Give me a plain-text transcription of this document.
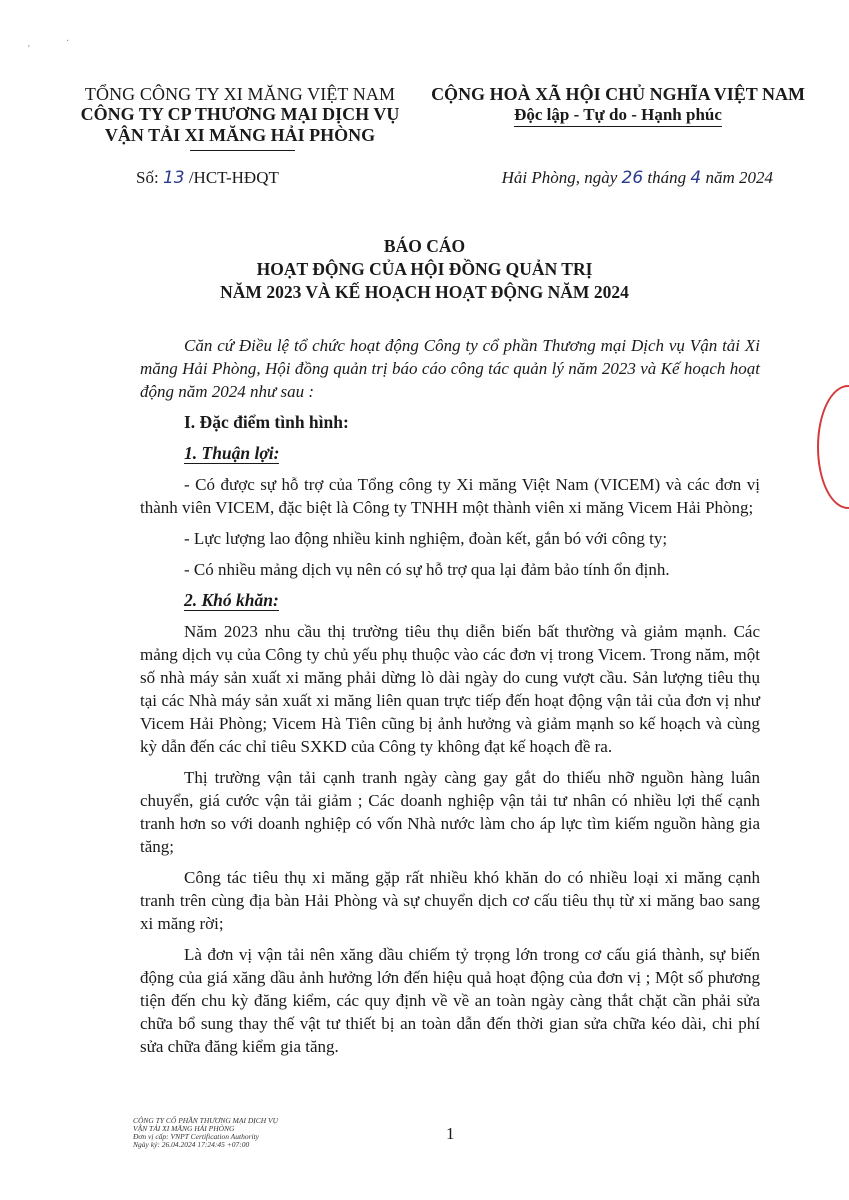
'
·
TỔNG CÔNG TY XI MĂNG VIỆT NAM
CÔNG TY CP THƯƠNG MẠI DỊCH VỤ
VẬN TẢI XI MĂNG HẢI PHÒNG
CỘNG HOÀ XÃ HỘI CHỦ NGHĨA VIỆT NAM
Độc lập - Tự do - Hạnh phúc
Số: 13 /HCT-HĐQT	Hải Phòng, ngày 26 tháng 4 năm 2024
BÁO CÁO
HOẠT ĐỘNG CỦA HỘI ĐỒNG QUẢN TRỊ
NĂM 2023 VÀ KẾ HOẠCH HOẠT ĐỘNG NĂM 2024

Căn cứ Điều lệ tổ chức hoạt động Công ty cổ phần Thương mại Dịch vụ Vận tải Xi măng Hải Phòng, Hội đồng quản trị báo cáo công tác quản lý năm 2023 và Kế hoạch hoạt động năm 2024 như sau :

I. Đặc điểm tình hình:

1. Thuận lợi:

- Có được sự hỗ trợ của Tổng công ty Xi măng Việt Nam (VICEM) và các đơn vị thành viên VICEM, đặc biệt là Công ty TNHH một thành viên xi măng Vicem Hải Phòng;

- Lực lượng lao động nhiều kinh nghiệm, đoàn kết, gắn bó với công ty;

- Có nhiều mảng dịch vụ nên có sự hỗ trợ qua lại đảm bảo tính ổn định.

2. Khó khăn:

Năm 2023 nhu cầu thị trường tiêu thụ diễn biến bất thường và giảm mạnh. Các mảng dịch vụ của Công ty chủ yếu phụ thuộc vào các đơn vị trong Vicem. Trong năm, một số nhà máy sản xuất xi măng phải dừng lò dài ngày do cung vượt cầu. Sản lượng tiêu thụ tại các Nhà máy sản xuất xi măng liên quan trực tiếp đến hoạt động vận tải của đơn vị như Vicem Hải Phòng; Vicem Hà Tiên cũng bị ảnh hưởng và giảm mạnh so kế hoạch và cùng kỳ dẫn đến các chỉ tiêu SXKD của Công ty không đạt kế hoạch đề ra.

Thị trường vận tải cạnh tranh ngày càng gay gắt do thiếu nhỡ nguồn hàng luân chuyển, giá cước vận tải giảm ; Các doanh nghiệp vận tải tư nhân có nhiều lợi thế cạnh tranh hơn so với doanh nghiệp có vốn Nhà nước làm cho áp lực tìm kiếm nguồn hàng gia tăng;

Công tác tiêu thụ xi măng gặp rất nhiều khó khăn do có nhiều loại xi măng cạnh tranh trên cùng địa bàn Hải Phòng và sự chuyển dịch cơ cấu tiêu thụ từ xi măng bao sang xi măng rời;

Là đơn vị vận tải nên xăng dầu chiếm tỷ trọng lớn trong cơ cấu giá thành, sự biến động của giá xăng dầu ảnh hưởng lớn đến hiệu quả hoạt động của đơn vị ; Một số phương tiện đến chu kỳ đăng kiểm, các quy định về về an toàn ngày càng thắt chặt cần phải sửa chữa bổ sung thay thế vật tư thiết bị an toàn dẫn đến thời gian sửa chữa kéo dài, chi phí sửa chữa đăng kiểm gia tăng.

CÔNG TY CỔ PHẦN THƯƠNG MẠI DỊCH VỤ
VẬN TẢI XI MĂNG HẢI PHÒNG
Đơn vị cấp: VNPT Certification Authority
Ngày ký: 26.04.2024 17:24:45 +07:00
1
